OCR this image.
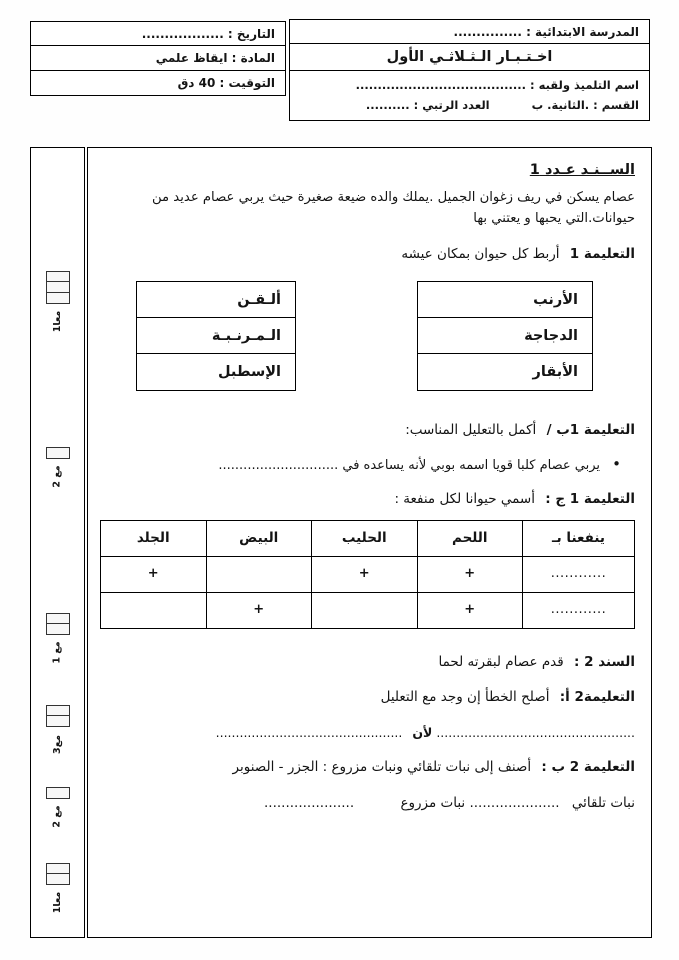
المدرسة الابتدائية : ...............
اخـتـبـار الـثـلاثـي الأول
اسم التلميذ ولقبه : .......................................
القسم : .الثانية. ب
العدد الرتبي : ..........
التاريخ : ..................
المادة : ايقاظ علمي
التوقيت : 40 دق
معا1
مع 2
مع 1
مع3
مع 2
معا1
الســنـد عـدد 1
عصام يسكن في ريف زغوان الجميل .يملك والده ضيعة صغيرة حيث يربي عصام عديد من حيوانات.التي يحبها و يعتني بها
التعليمة 1 أربط كل حيوان بمكان عيشه
الأرنب
الدجاجة
الأبقار
ألـقـن
الـمـرنـبـة
الإسطبل
التعليمة 1ب / أكمل بالتعليل المناسب:
• يربي عصام كلبا قويا اسمه بوبي لأنه يساعده في .............................
التعليمة 1 ج : أسمي حيوانا لكل منفعة :
ينفعنا بـ	اللحم	الحليب	البيض	الجلد
............	+	+		+
............	+		+	
السند 2 : قدم عصام لبقرته لحما
التعليمة2 أ: أصلح الخطأ إن وجد مع التعليل
.................................................. لأن ...............................................
التعليمة 2 ب : أصنف إلى نبات تلقائي ونبات مزروع : الجزر - الصنوبر
نبات تلقائي ..................... نبات مزروع .....................
